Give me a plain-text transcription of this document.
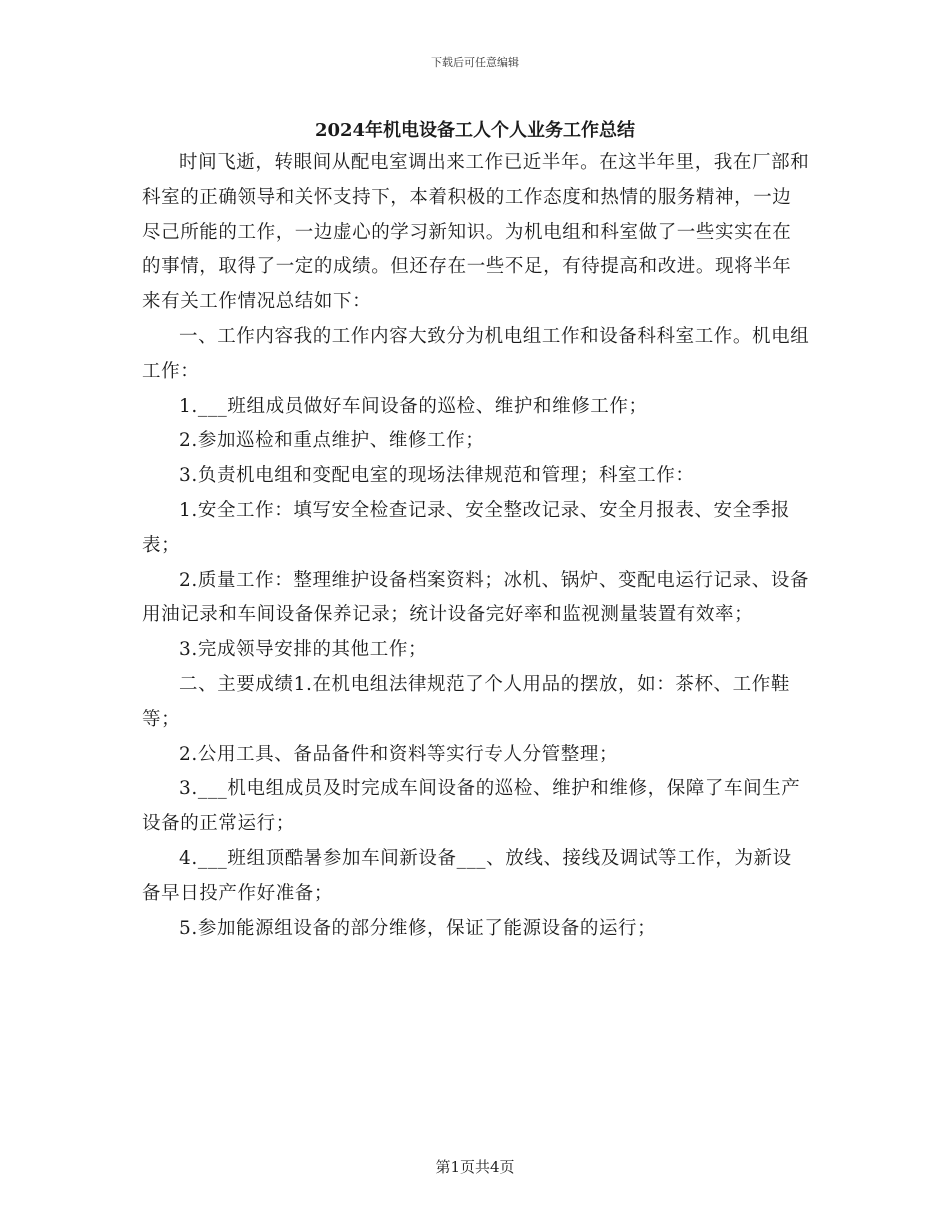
下载后可任意编辑
2024年机电设备工人个人业务工作总结

时间飞逝，转眼间从配电室调出来工作已近半年。在这半年里，我在厂部和科室的正确领导和关怀支持下，本着积极的工作态度和热情的服务精神，一边尽己所能的工作，一边虚心的学习新知识。为机电组和科室做了一些实实在在的事情，取得了一定的成绩。但还存在一些不足，有待提高和改进。现将半年来有关工作情况总结如下：

一、工作内容我的工作内容大致分为机电组工作和设备科科室工作。机电组工作：

1.___班组成员做好车间设备的巡检、维护和维修工作；

2.参加巡检和重点维护、维修工作；

3.负责机电组和变配电室的现场法律规范和管理；科室工作：

1.安全工作：填写安全检查记录、安全整改记录、安全月报表、安全季报表；

2.质量工作：整理维护设备档案资料；冰机、锅炉、变配电运行记录、设备用油记录和车间设备保养记录；统计设备完好率和监视测量装置有效率；

3.完成领导安排的其他工作；

二、主要成绩1.在机电组法律规范了个人用品的摆放，如：茶杯、工作鞋等；

2.公用工具、备品备件和资料等实行专人分管整理；

3.___机电组成员及时完成车间设备的巡检、维护和维修，保障了车间生产设备的正常运行；

4.___班组顶酷暑参加车间新设备___、放线、接线及调试等工作，为新设备早日投产作好准备；

5.参加能源组设备的部分维修，保证了能源设备的运行；

第1页共4页
